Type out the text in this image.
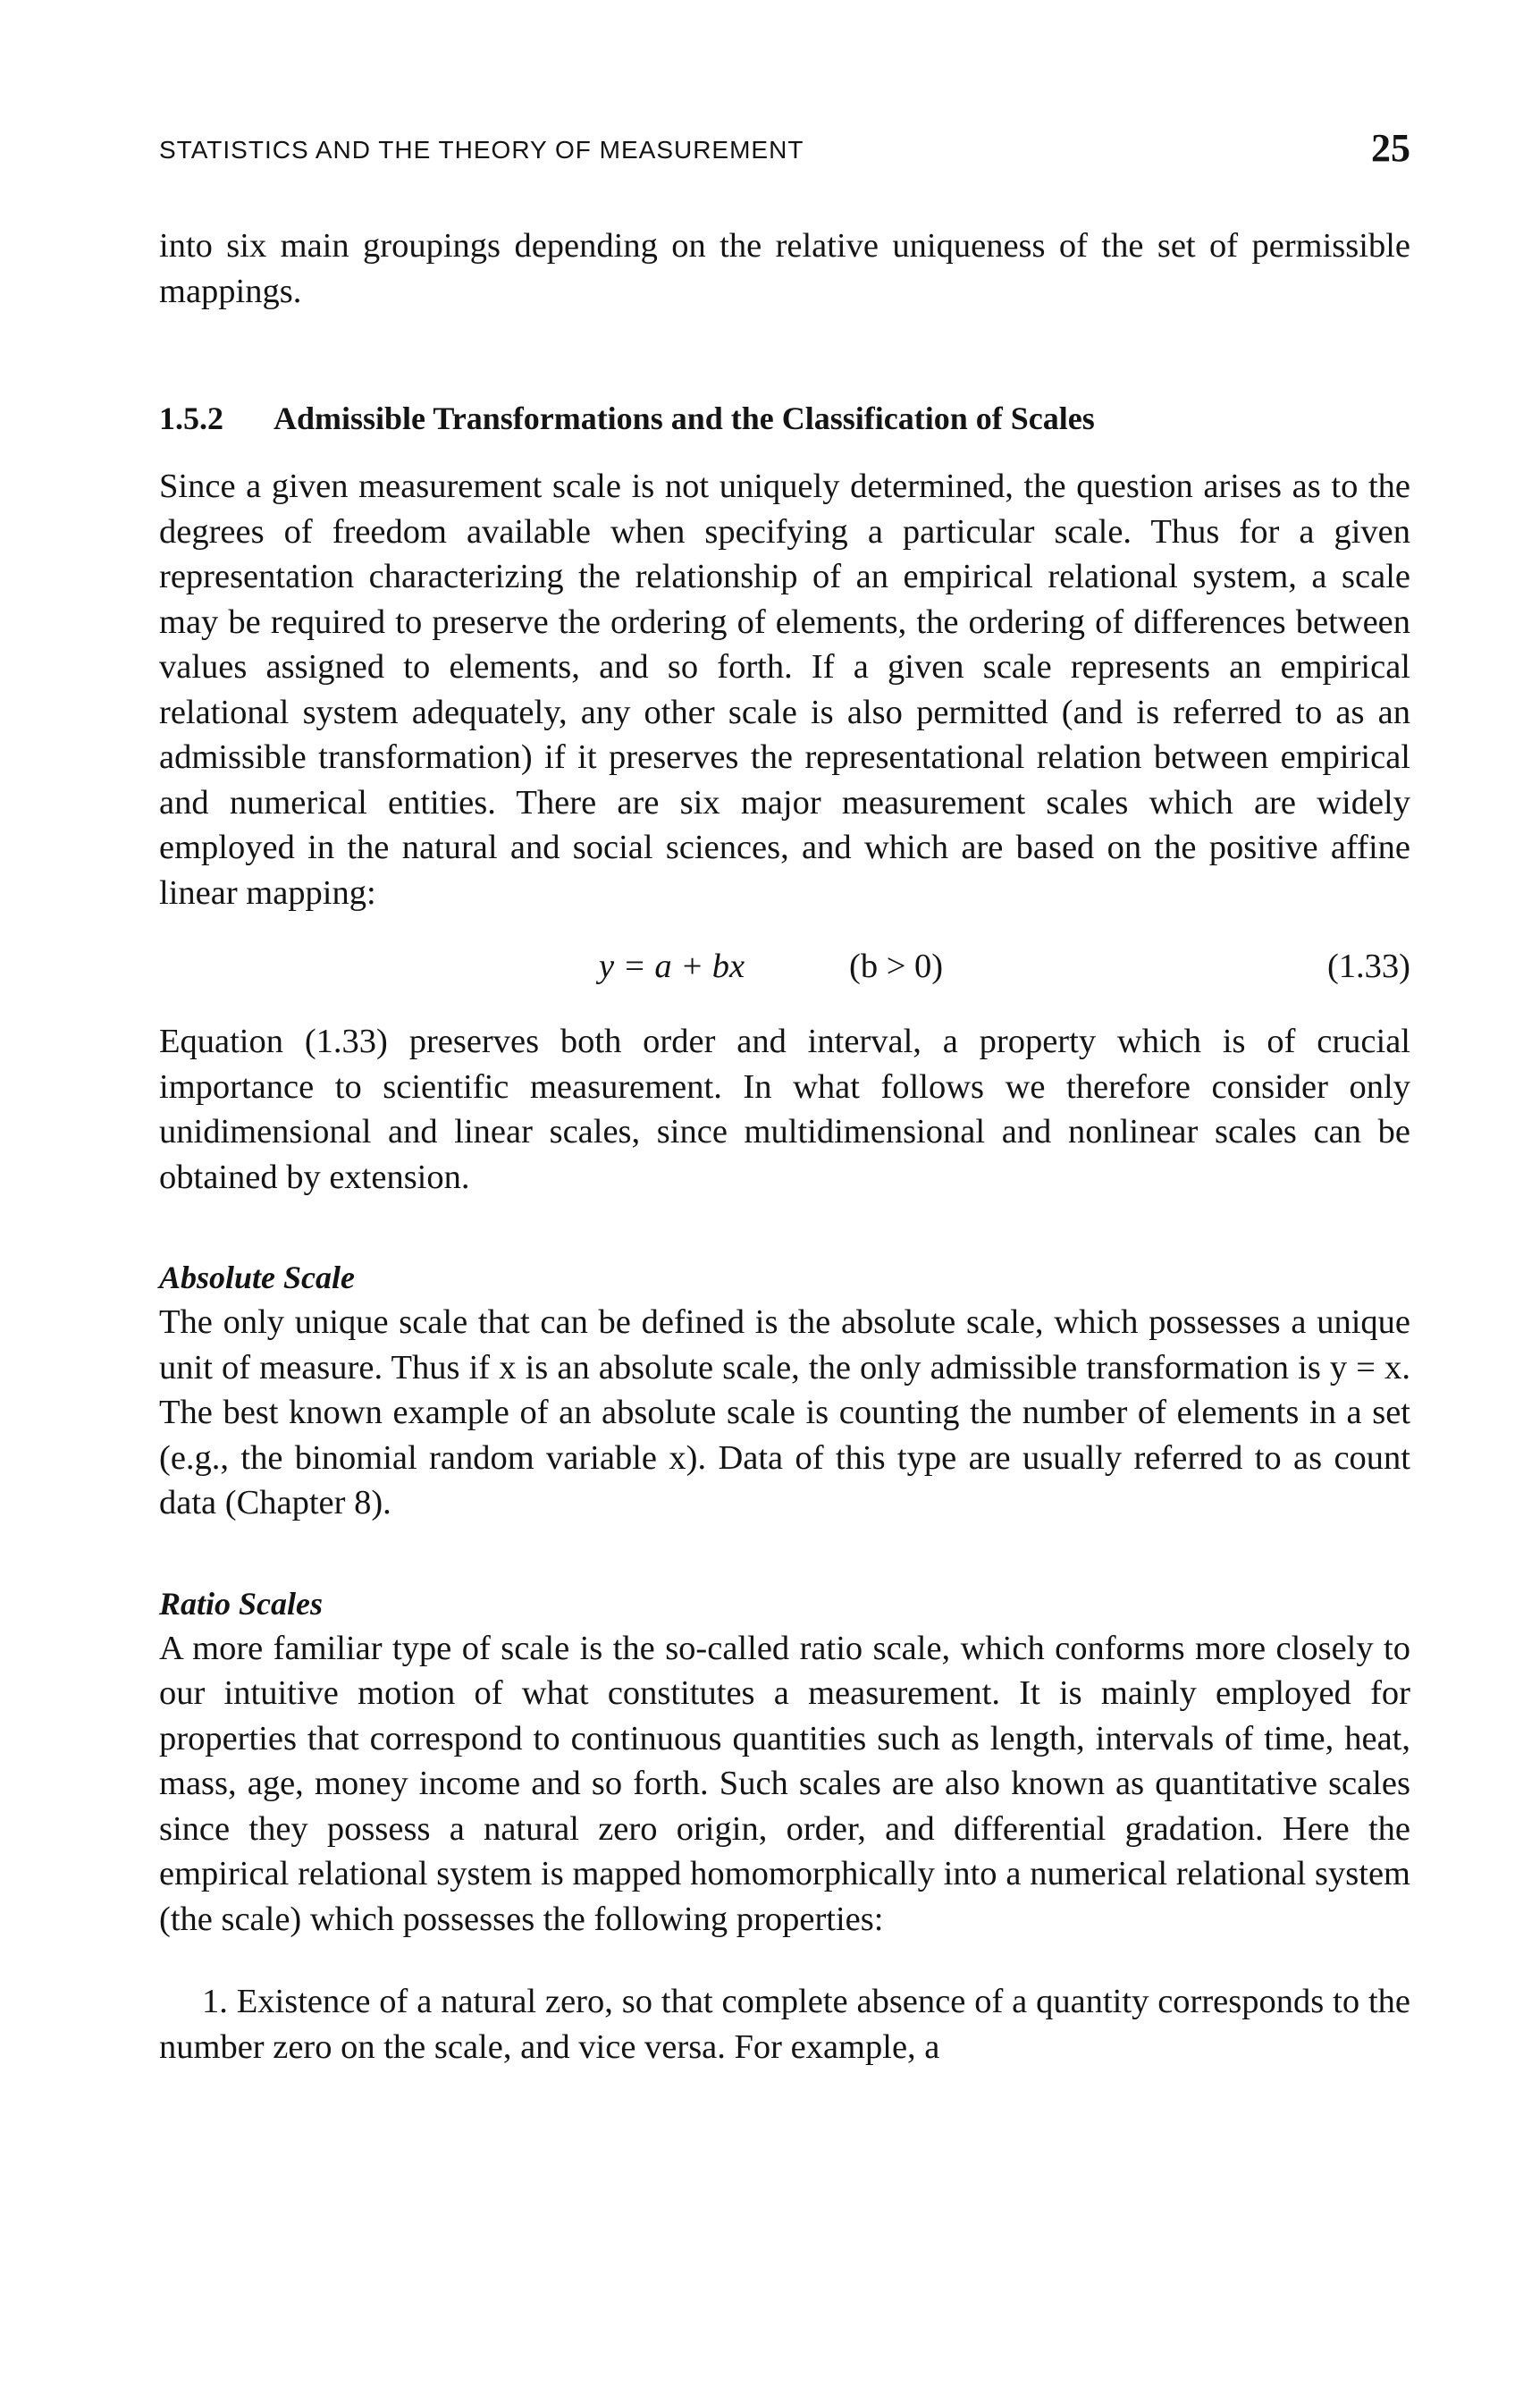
STATISTICS AND THE THEORY OF MEASUREMENT	25

into six main groupings depending on the relative uniqueness of the set of permissible mappings.

1.5.2 Admissible Transformations and the Classification of Scales

Since a given measurement scale is not uniquely determined, the question arises as to the degrees of freedom available when specifying a particular scale. Thus for a given representation characterizing the relationship of an empirical relational system, a scale may be required to preserve the ordering of elements, the ordering of differences between values assigned to elements, and so forth. If a given scale represents an empirical relational system adequately, any other scale is also permitted (and is referred to as an admissible transformation) if it preserves the representational relation between empirical and numerical entities. There are six major measurement scales which are widely employed in the natural and social sciences, and which are based on the positive affine linear mapping:

y = a + bx	(b > 0)	(1.33)

Equation (1.33) preserves both order and interval, a property which is of crucial importance to scientific measurement. In what follows we therefore consider only unidimensional and linear scales, since multidimensional and nonlinear scales can be obtained by extension.

Absolute Scale

The only unique scale that can be defined is the absolute scale, which possesses a unique unit of measure. Thus if x is an absolute scale, the only admissible transformation is y = x. The best known example of an absolute scale is counting the number of elements in a set (e.g., the binomial random variable x). Data of this type are usually referred to as count data (Chapter 8).

Ratio Scales

A more familiar type of scale is the so-called ratio scale, which conforms more closely to our intuitive motion of what constitutes a measurement. It is mainly employed for properties that correspond to continuous quantities such as length, intervals of time, heat, mass, age, money income and so forth. Such scales are also known as quantitative scales since they possess a natural zero origin, order, and differential gradation. Here the empirical relational system is mapped homomorphically into a numerical relational system (the scale) which possesses the following properties:

1. Existence of a natural zero, so that complete absence of a quantity corresponds to the number zero on the scale, and vice versa. For example, a
